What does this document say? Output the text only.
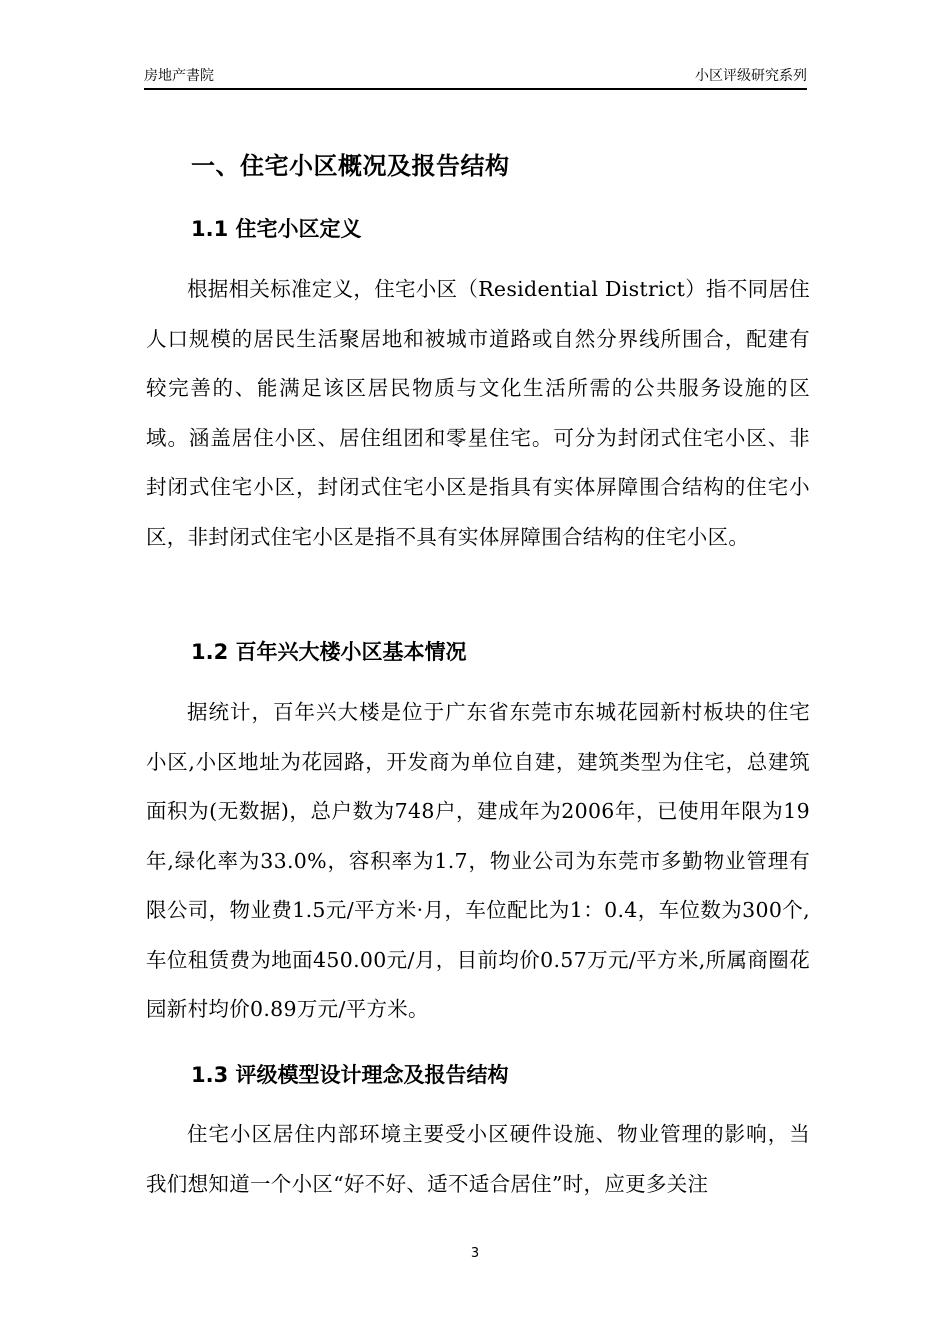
房地产書院	小区评级研究系列
一、住宅小区概况及报告结构
1.1 住宅小区定义
根据相关标准定义，住宅小区（Residential District）指不同居住人口规模的居民生活聚居地和被城市道路或自然分界线所围合，配建有较完善的、能满足该区居民物质与文化生活所需的公共服务设施的区域。涵盖居住小区、居住组团和零星住宅。可分为封闭式住宅小区、非封闭式住宅小区，封闭式住宅小区是指具有实体屏障围合结构的住宅小区，非封闭式住宅小区是指不具有实体屏障围合结构的住宅小区。
1.2 百年兴大楼小区基本情况
据统计，百年兴大楼是位于广东省东莞市东城花园新村板块的住宅小区,小区地址为花园路，开发商为单位自建，建筑类型为住宅，总建筑面积为(无数据)，总户数为748户，建成年为2006年，已使用年限为19年,绿化率为33.0%，容积率为1.7，物业公司为东莞市多勤物业管理有限公司，物业费1.5元/平方米·月，车位配比为1：0.4，车位数为300个,车位租赁费为地面450.00元/月，目前均价0.57万元/平方米,所属商圈花园新村均价0.89万元/平方米。
1.3 评级模型设计理念及报告结构
住宅小区居住内部环境主要受小区硬件设施、物业管理的影响，当我们想知道一个小区“好不好、适不适合居住”时，应更多关注
3
